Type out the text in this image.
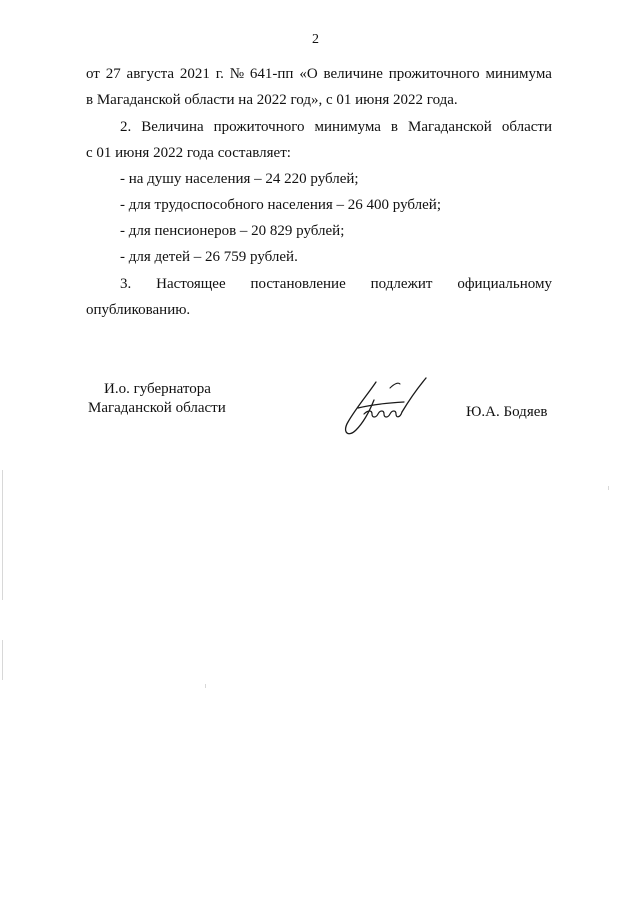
2
от 27 августа 2021 г. № 641-пп «О величине прожиточного минимума
в Магаданской области на 2022 год», с 01 июня 2022 года.
2. Величина прожиточного минимума в Магаданской области
с 01 июня 2022 года составляет:
- на душу населения – 24 220 рублей;
- для трудоспособного населения – 26 400 рублей;
- для пенсионеров – 20 829 рублей;
- для детей – 26 759 рублей.
3. Настоящее постановление подлежит официальному
опубликованию.
И.о. губернатора
Магаданской области	Ю.А. Бодяев
